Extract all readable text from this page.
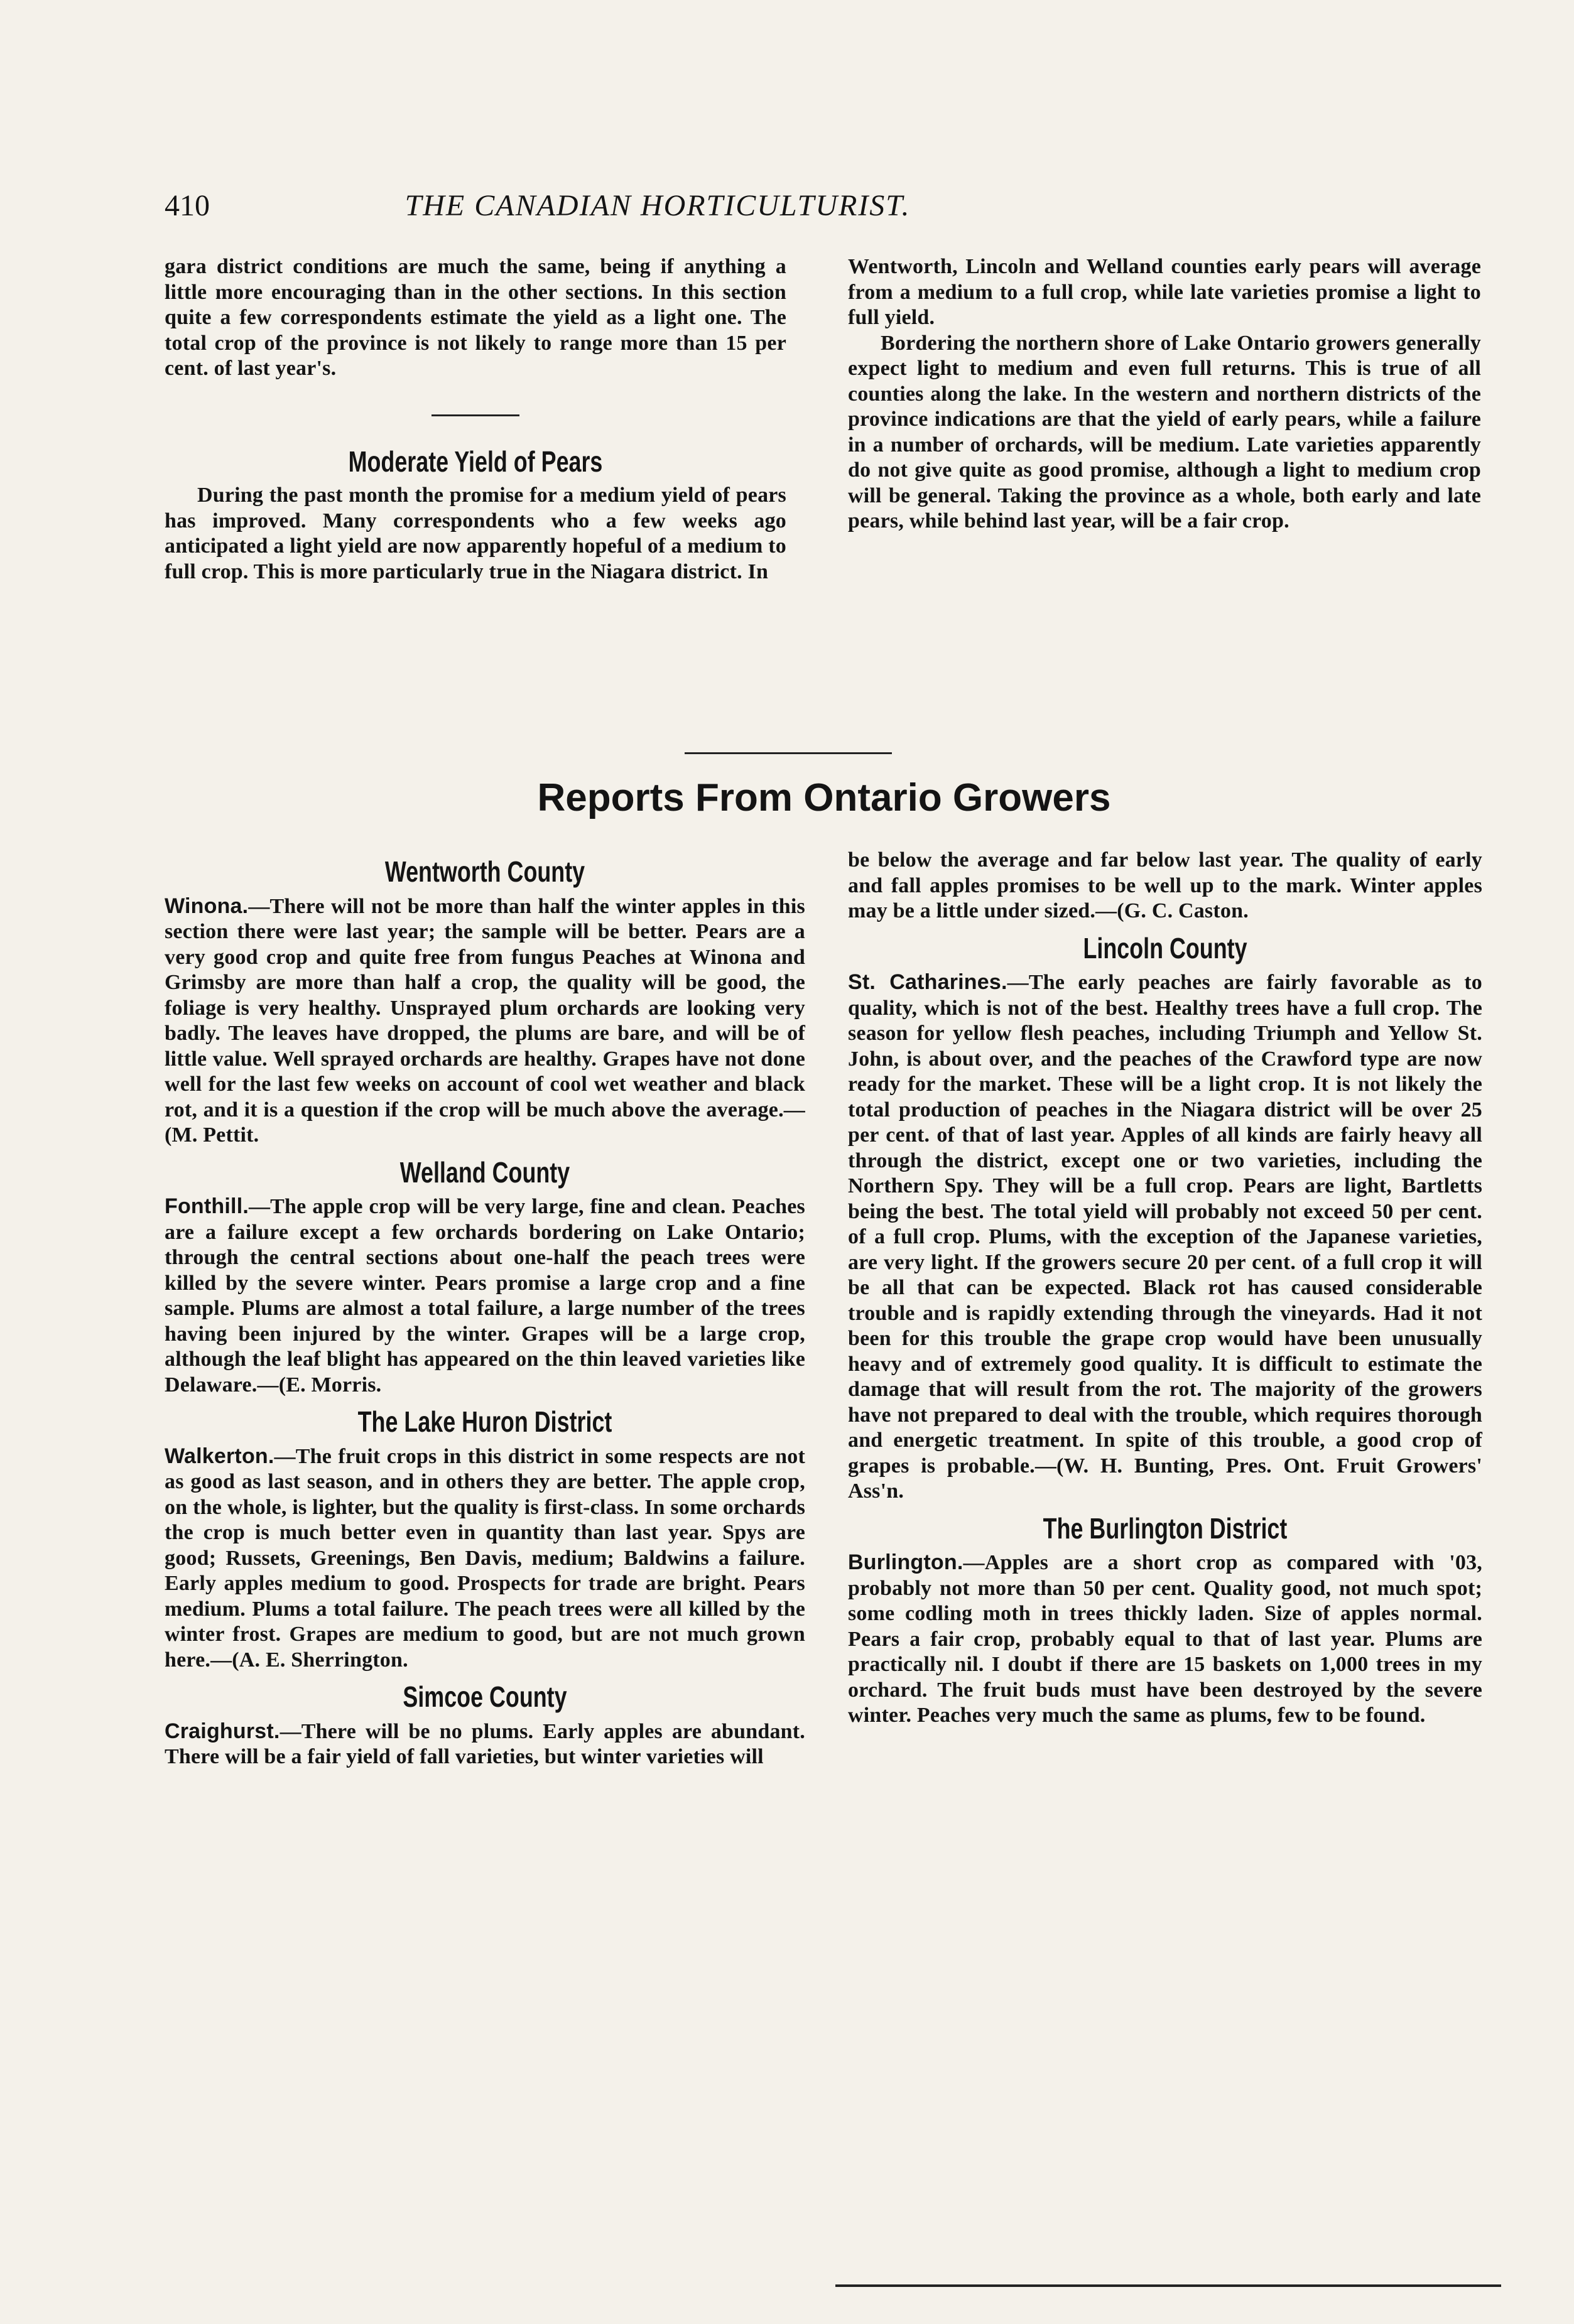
410	THE CANADIAN HORTICULTURIST.

gara district conditions are much the same, being if anything a little more encouraging than in the other sections. In this section quite a few correspondents estimate the yield as a light one. The total crop of the province is not likely to range more than 15 per cent. of last year's.

Moderate Yield of Pears

During the past month the promise for a medium yield of pears has improved. Many correspondents who a few weeks ago anticipated a light yield are now apparently hopeful of a medium to full crop. This is more particularly true in the Niagara district. In

Wentworth, Lincoln and Welland counties early pears will average from a medium to a full crop, while late varieties promise a light to full yield.

Bordering the northern shore of Lake Ontario growers generally expect light to medium and even full returns. This is true of all counties along the lake. In the western and northern districts of the province indications are that the yield of early pears, while a failure in a number of orchards, will be medium. Late varieties apparently do not give quite as good promise, although a light to medium crop will be general. Taking the province as a whole, both early and late pears, while behind last year, will be a fair crop.

Reports From Ontario Growers
Wentworth County

Winona.—There will not be more than half the winter apples in this section there were last year; the sample will be better. Pears are a very good crop and quite free from fungus Peaches at Winona and Grimsby are more than half a crop, the quality will be good, the foliage is very healthy. Unsprayed plum orchards are looking very badly. The leaves have dropped, the plums are bare, and will be of little value. Well sprayed orchards are healthy. Grapes have not done well for the last few weeks on account of cool wet weather and black rot, and it is a question if the crop will be much above the average.—(M. Pettit.

Welland County

Fonthill.—The apple crop will be very large, fine and clean. Peaches are a failure except a few orchards bordering on Lake Ontario; through the central sections about one-half the peach trees were killed by the severe winter. Pears promise a large crop and a fine sample. Plums are almost a total failure, a large number of the trees having been injured by the winter. Grapes will be a large crop, although the leaf blight has appeared on the thin leaved varieties like Delaware.—(E. Morris.

The Lake Huron District

Walkerton.—The fruit crops in this district in some respects are not as good as last season, and in others they are better. The apple crop, on the whole, is lighter, but the quality is first-class. In some orchards the crop is much better even in quantity than last year. Spys are good; Russets, Greenings, Ben Davis, medium; Baldwins a failure. Early apples medium to good. Prospects for trade are bright. Pears medium. Plums a total failure. The peach trees were all killed by the winter frost. Grapes are medium to good, but are not much grown here.—(A. E. Sherrington.

Simcoe County

Craighurst.—There will be no plums. Early apples are abundant. There will be a fair yield of fall varieties, but winter varieties will

be below the average and far below last year. The quality of early and fall apples promises to be well up to the mark. Winter apples may be a little under sized.—(G. C. Caston.

Lincoln County

St. Catharines.—The early peaches are fairly favorable as to quality, which is not of the best. Healthy trees have a full crop. The season for yellow flesh peaches, including Triumph and Yellow St. John, is about over, and the peaches of the Crawford type are now ready for the market. These will be a light crop. It is not likely the total production of peaches in the Niagara district will be over 25 per cent. of that of last year. Apples of all kinds are fairly heavy all through the district, except one or two varieties, including the Northern Spy. They will be a full crop. Pears are light, Bartletts being the best. The total yield will probably not exceed 50 per cent. of a full crop. Plums, with the exception of the Japanese varieties, are very light. If the growers secure 20 per cent. of a full crop it will be all that can be expected. Black rot has caused considerable trouble and is rapidly extending through the vineyards. Had it not been for this trouble the grape crop would have been unusually heavy and of extremely good quality. It is difficult to estimate the damage that will result from the rot. The majority of the growers have not prepared to deal with the trouble, which requires thorough and energetic treatment. In spite of this trouble, a good crop of grapes is probable.—(W. H. Bunting, Pres. Ont. Fruit Growers' Ass'n.

The Burlington District

Burlington.—Apples are a short crop as compared with '03, probably not more than 50 per cent. Quality good, not much spot; some codling moth in trees thickly laden. Size of apples normal. Pears a fair crop, probably equal to that of last year. Plums are practically nil. I doubt if there are 15 baskets on 1,000 trees in my orchard. The fruit buds must have been destroyed by the severe winter. Peaches very much the same as plums, few to be found.
